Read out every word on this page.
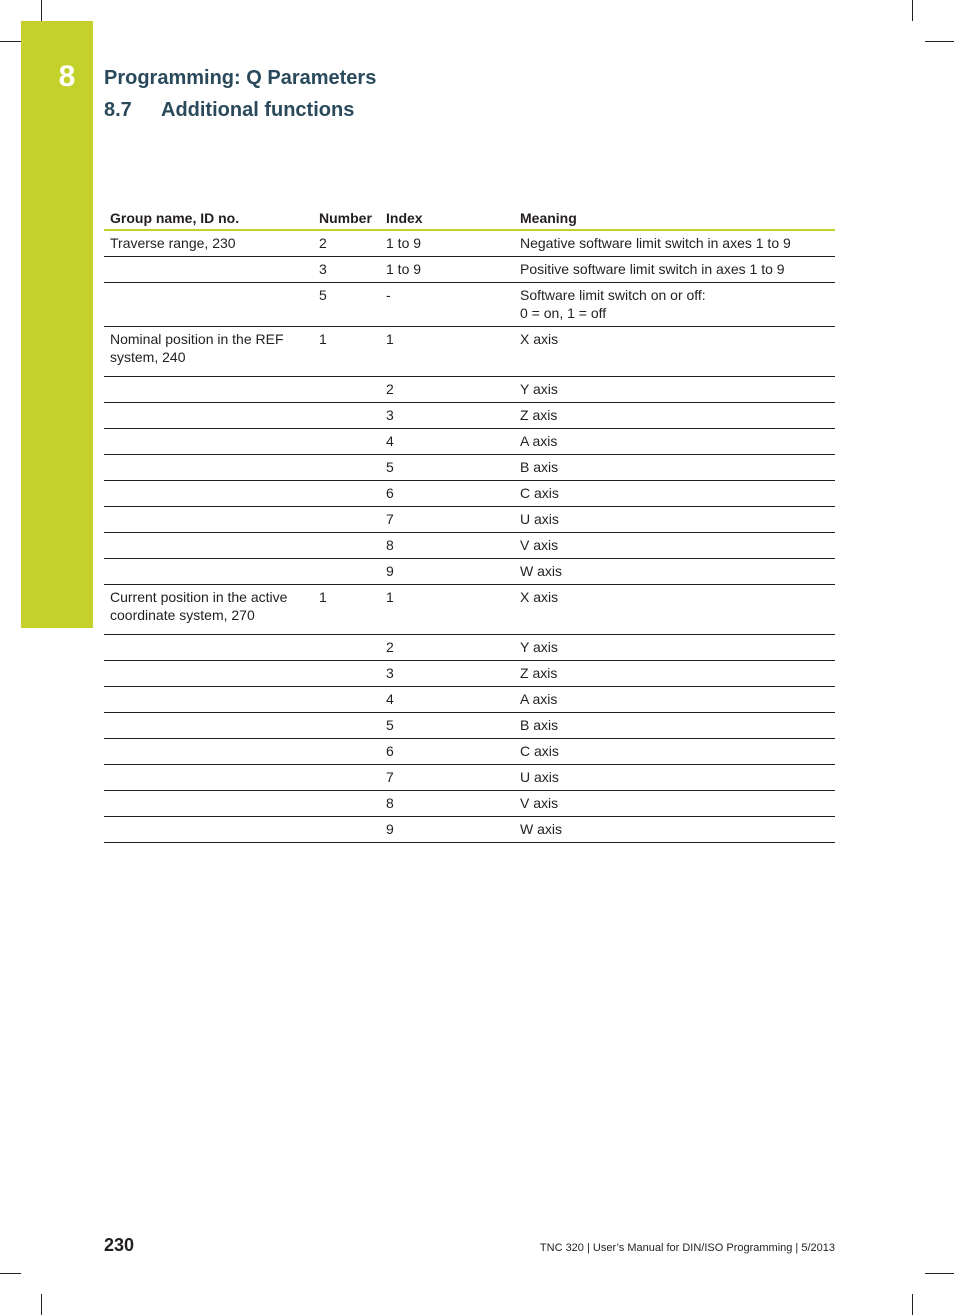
8	Programming: Q Parameters
8.7 Additional functions
Group name, ID no.	Number	Index	Meaning
Traverse range, 230	2	1 to 9	Negative software limit switch in axes 1 to 9

	3	1 to 9	Positive software limit switch in axes 1 to 9

	5	-	Software limit switch on or off:
0 = on, 1 = off

Nominal position in the REF system, 240	1	1	X axis

		2	Y axis

		3	Z axis

		4	A axis

		5	B axis

		6	C axis

		7	U axis

		8	V axis

		9	W axis

Current position in the active coordinate system, 270	1	1	X axis

		2	Y axis

		3	Z axis

		4	A axis

		5	B axis

		6	C axis

		7	U axis

		8	V axis

		9	W axis
230	TNC 320 | User’s Manual for DIN/ISO Programming | 5/2013
